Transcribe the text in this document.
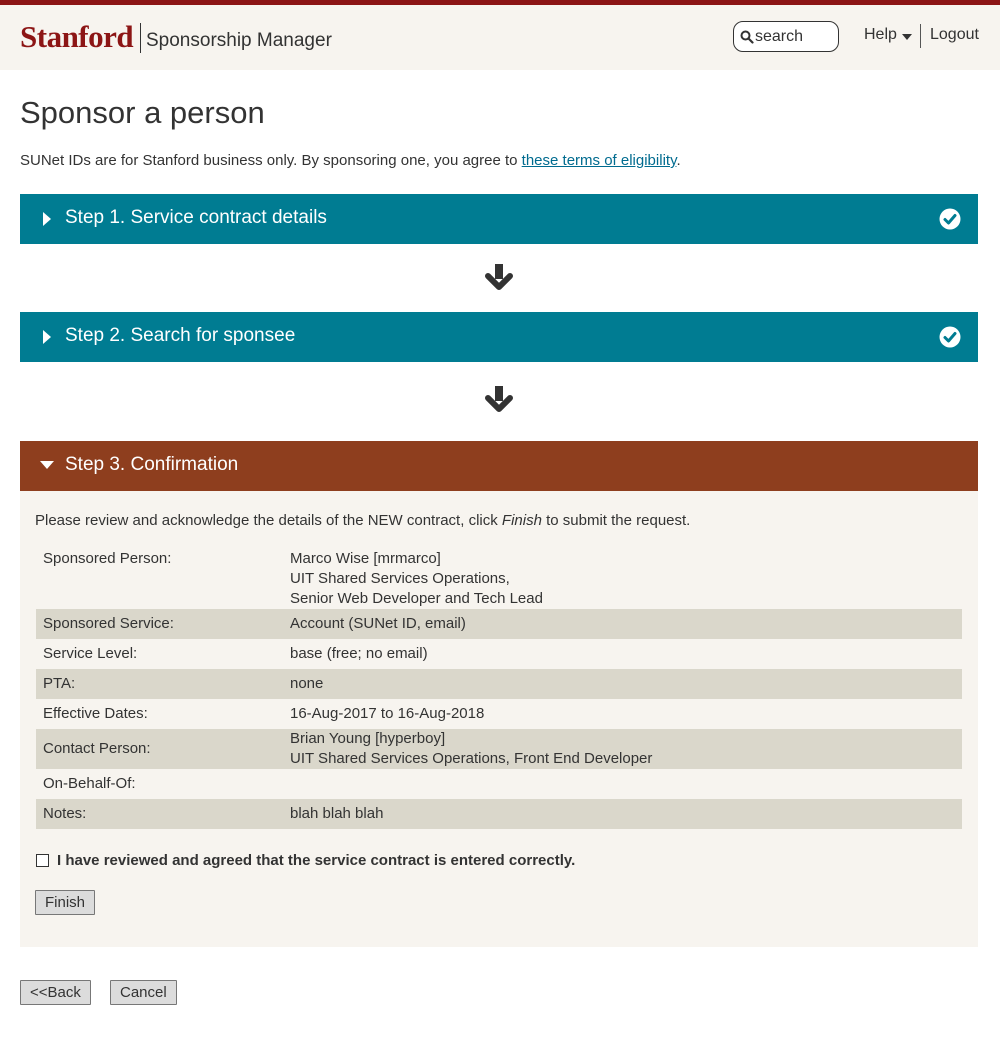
Stanford Sponsorship Manager
search	Help Logout
Sponsor a person

SUNet IDs are for Stanford business only. By sponsoring one, you agree to these terms of eligibility.

Step 1. Service contract details
Step 2. Search for sponsee
Step 3. Confirmation

Please review and acknowledge the details of the NEW contract, click Finish to submit the request.

Sponsored Person:	Marco Wise [mrmarco]
UIT Shared Services Operations,
Senior Web Developer and Tech Lead

Sponsored Service:	Account (SUNet ID, email)
Service Level:	base (free; no email)
PTA:	none
Effective Dates:	16-Aug-2017 to 16-Aug-2018
Contact Person:	Brian Young [hyperboy]
UIT Shared Services Operations, Front End Developer

On-Behalf-Of:	
Notes:	blah blah blah
I have reviewed and agreed that the service contract is entered correctly.
Finish
<<Back	Cancel
